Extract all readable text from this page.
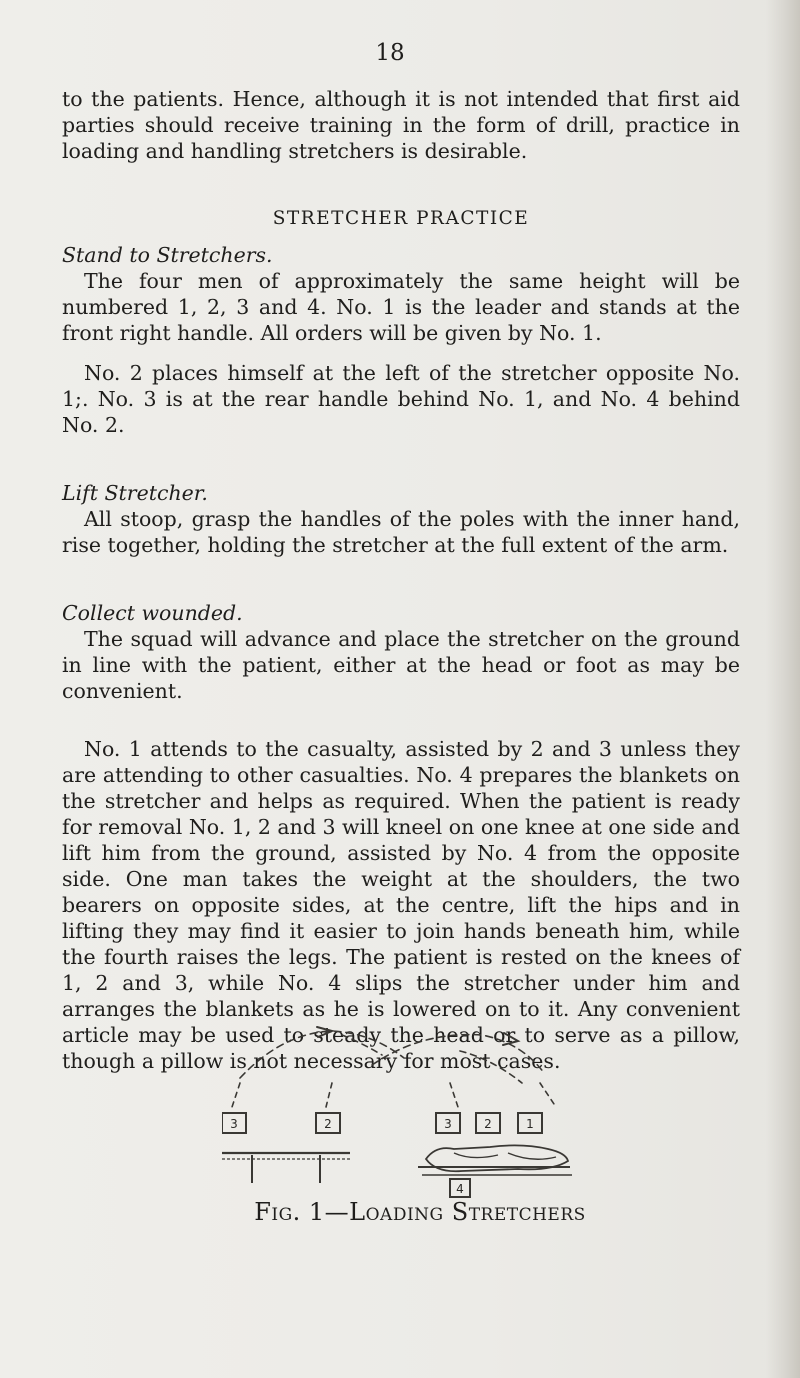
18

to the patients. Hence, although it is not intended that first aid parties should receive training in the form of drill, practice in loading and handling stretchers is desirable.

STRETCHER PRACTICE

Stand to Stretchers.

The four men of approximately the same height will be numbered 1, 2, 3 and 4. No. 1 is the leader and stands at the front right handle. All orders will be given by No. 1.

No. 2 places himself at the left of the stretcher opposite No. 1;. No. 3 is at the rear handle behind No. 1, and No. 4 behind No. 2.

Lift Stretcher.

All stoop, grasp the handles of the poles with the inner hand, rise together, holding the stretcher at the full extent of the arm.

Collect wounded.

The squad will advance and place the stretcher on the ground in line with the patient, either at the head or foot as may be convenient.

No. 1 attends to the casualty, assisted by 2 and 3 unless they are attending to other casualties. No. 4 prepares the blankets on the stretcher and helps as required. When the patient is ready for removal No. 1, 2 and 3 will kneel on one knee at one side and lift him from the ground, assisted by No. 4 from the opposite side. One man takes the weight at the shoulders, the two bearers on opposite sides, at the centre, lift the hips and in lifting they may find it easier to join hands beneath him, while the fourth raises the legs. The patient is rested on the knees of 1, 2 and 3, while No. 4 slips the stretcher under him and arranges the blankets as he is lowered on to it. Any convenient article may be used to steady the head or to serve as a pillow, though a pillow is not necessary for most cases.

3	2	3	2	1
4
Fig. 1—Loading Stretchers
